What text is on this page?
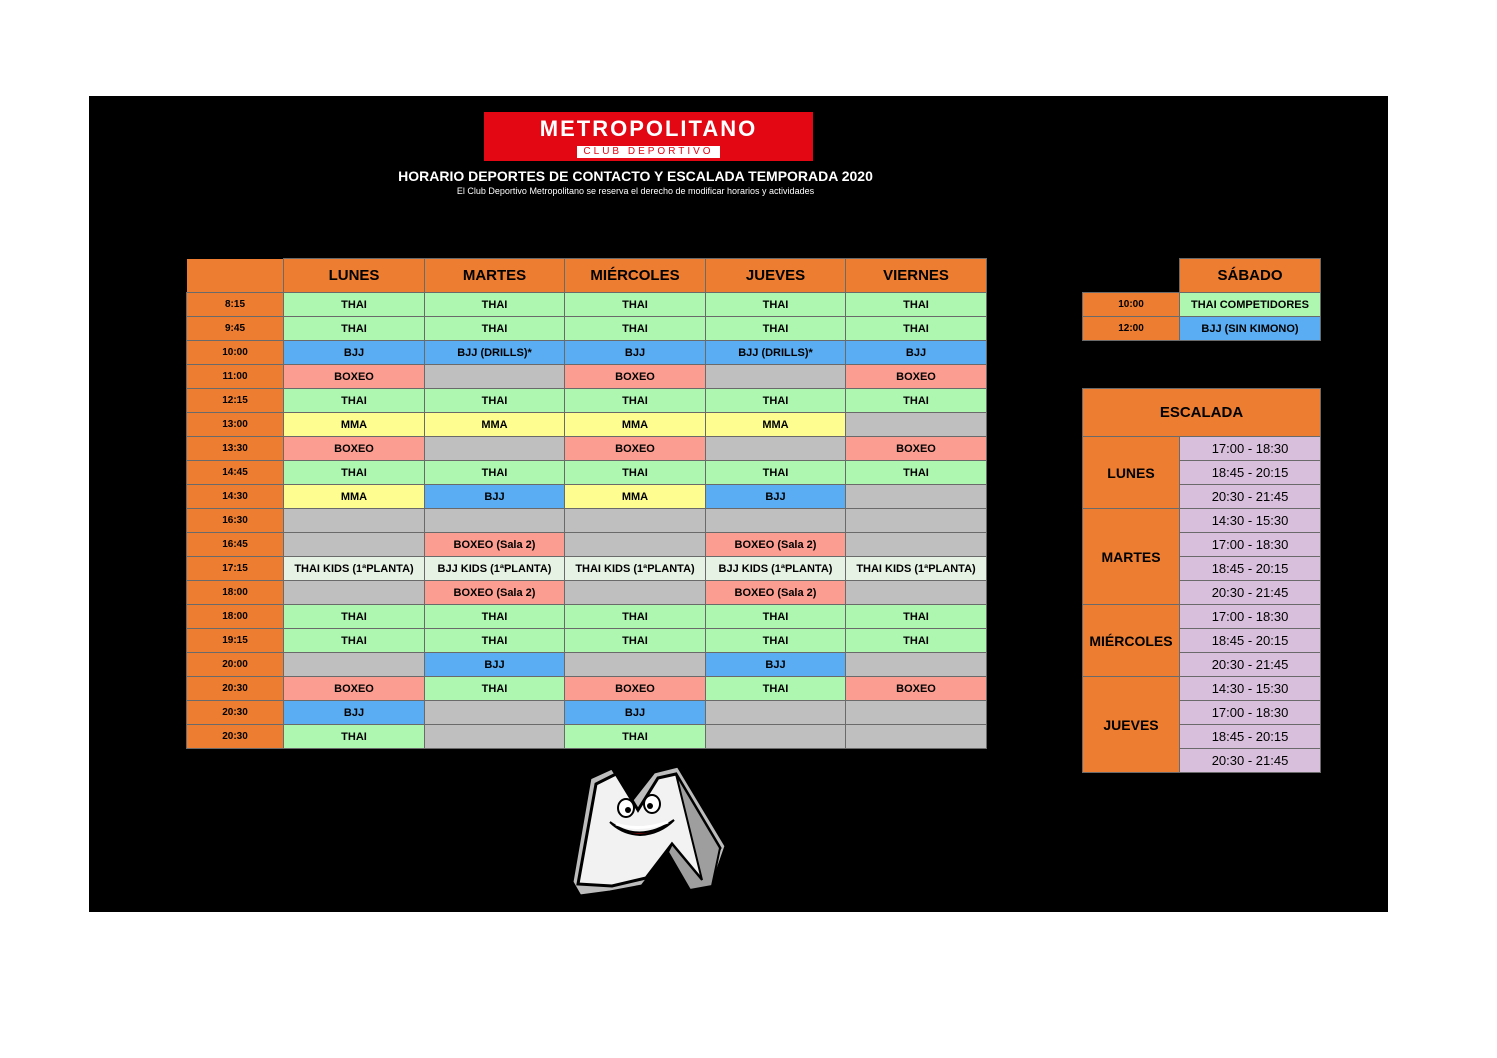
METROPOLITANO
CLUB DEPORTIVO
HORARIO DEPORTES DE CONTACTO Y ESCALADA TEMPORADA 2020
El Club Deportivo Metropolitano se reserva el derecho de modificar horarios y actividades
	LUNES	MARTES	MIÉRCOLES	JUEVES	VIERNES
8:15	THAI	THAI	THAI	THAI	THAI
9:45	THAI	THAI	THAI	THAI	THAI
10:00	BJJ	BJJ (DRILLS)*	BJJ	BJJ (DRILLS)*	BJJ
11:00	BOXEO		BOXEO		BOXEO
12:15	THAI	THAI	THAI	THAI	THAI
13:00	MMA	MMA	MMA	MMA	
13:30	BOXEO		BOXEO		BOXEO
14:45	THAI	THAI	THAI	THAI	THAI
14:30	MMA	BJJ	MMA	BJJ	
16:30					
16:45		BOXEO (Sala 2)		BOXEO (Sala 2)	
17:15	THAI KIDS (1ªPLANTA)	BJJ KIDS (1ªPLANTA)	THAI KIDS (1ªPLANTA)	BJJ KIDS (1ªPLANTA)	THAI KIDS (1ªPLANTA)
18:00		BOXEO (Sala 2)		BOXEO (Sala 2)	
18:00	THAI	THAI	THAI	THAI	THAI
19:15	THAI	THAI	THAI	THAI	THAI
20:00		BJJ		BJJ	
20:30	BOXEO	THAI	BOXEO	THAI	BOXEO
20:30	BJJ		BJJ		
20:30	THAI		THAI		
	SÁBADO
10:00	THAI COMPETIDORES
12:00	BJJ (SIN KIMONO)
ESCALADA	
LUNES	17:00 - 18:30
	18:45 - 20:15
	20:30 - 21:45
MARTES	14:30 - 15:30
	17:00 - 18:30
	18:45 - 20:15
	20:30 - 21:45
MIÉRCOLES	17:00 - 18:30
	18:45 - 20:15
	20:30 - 21:45
JUEVES	14:30 - 15:30
	17:00 - 18:30
	18:45 - 20:15
	20:30 - 21:45
